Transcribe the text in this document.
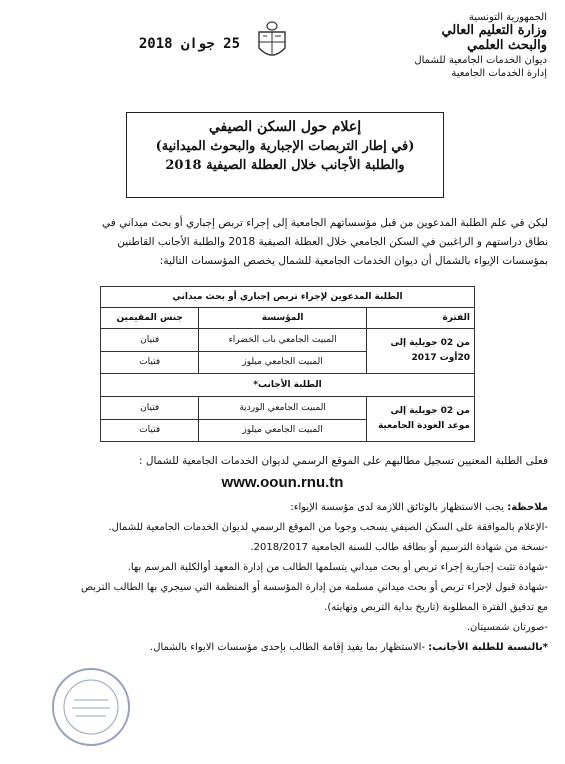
الجمهورية التونسية
وزارة التعليم العالي
والبحث العلمي
ديوان الخدمات الجامعية للشمال
إدارة الخدمات الجامعية
25 جوان 2018
إعلام حول السكن الصيفي
(في إطار التربصات الإجبارية والبحوث الميدانية)
والطلبة الأجانب خلال العطلة الصيفية 2018
ليكن في علم الطلبة المدعوين من قبل مؤسساتهم الجامعية إلى إجراء تربص إجباري أو بحث ميداني في
نطاق دراستهم و الراغبين في السكن الجامعي خلال العطلة الصيفية 2018 والطلبة الأجانب القاطنين
بمؤسسات الإيواء بالشمال أن ديوان الخدمات الجامعية للشمال يخصص المؤسسات التالية:
الطلبة المدعوين لإجراء تربص إجباري أو بحث ميداني		
الفترة	المؤسسة	جنس المقيمين
من 02 جويلية إلى 20أوت 2017	المبيت الجامعي باب الخضراء	فتيان
	المبيت الجامعي ميلوز	فتيات
الطلبة الأجانب*		
من 02 جويلية إلى موعد العودة الجامعية	المبيت الجامعي الوردية	فتيان
	المبيت الجامعي ميلوز	فتيات
فعلى الطلبة المعنيين تسجيل مطالبهم على الموقع الرسمي لديوان الخدمات الجامعية للشمال :
www.ooun.rnu.tn
ملاحظة: يجب الاستظهار بالوثائق اللازمة لدى مؤسسة الإيواء:
-الإعلام بالموافقة على السكن الصيفي يسحب وجوبا من الموقع الرسمي لديوان الخدمات الجامعية للشمال.
-نسخة من شهادة الترسيم أو بطاقة طالب للسنة الجامعية 2018/2017.
-شهادة تثبت إجبارية إجراء تربص أو بحث ميداني يتسلمها الطالب من إدارة المعهد أوالكلية المرسم بها.
-شهادة قبول لإجراء تربص أو بحث ميداني مسلمة من إدارة المؤسسة أو المنظمة التي سيجري بها الطالب التربص
مع تدقيق الفترة المطلوبة (تاريخ بداية التربص ونهايته).
-صورتان شمسيتان.
*بالنسبة للطلبة الأجانب: -الاستظهار بما يفيد إقامة الطالب بإحدى مؤسسات الايواء بالشمال.
